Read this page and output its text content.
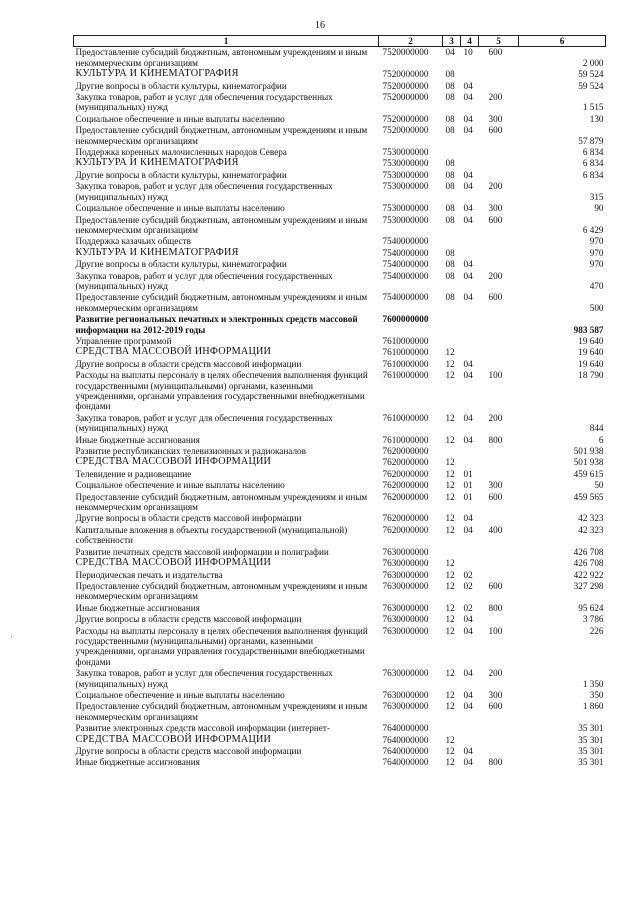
16
1	2	3	4	5	6
Предоставление субсидий бюджетным, автономным учреждениям и иным некоммерческим организациям	7520000000	04	10	600	2 000
КУЛЬТУРА И КИНЕМАТОГРАФИЯ	7520000000	08			59 524
Другие вопросы в области культуры, кинематографии	7520000000	08	04		59 524
Закупка товаров, работ и услуг для обеспечения государственных (муниципальных) нужд	7520000000	08	04	200	1 515
Социальное обеспечение и иные выплаты населению	7520000000	08	04	300	130
Предоставление субсидий бюджетным, автономным учреждениям и иным некоммерческим организациям	7520000000	08	04	600	57 879
Поддержка коренных малочисленных народов Севера	7530000000				6 834
КУЛЬТУРА И КИНЕМАТОГРАФИЯ	7530000000	08			6 834
Другие вопросы в области культуры, кинематографии	7530000000	08	04		6 834
Закупка товаров, работ и услуг для обеспечения государственных (муниципальных) нужд	7530000000	08	04	200	315
Социальное обеспечение и иные выплаты населению	7530000000	08	04	300	90
Предоставление субсидий бюджетным, автономным учреждениям и иным некоммерческим организациям	7530000000	08	04	600	6 429
Поддержка казачьих обществ	7540000000				970
КУЛЬТУРА И КИНЕМАТОГРАФИЯ	7540000000	08			970
Другие вопросы в области культуры, кинематографии	7540000000	08	04		970
Закупка товаров, работ и услуг для обеспечения государственных (муниципальных) нужд	7540000000	08	04	200	470
Предоставление субсидий бюджетным, автономным учреждениям и иным некоммерческим организациям	7540000000	08	04	600	500
Развитие региональных печатных и электронных средств массовой информации на 2012-2019 годы	7600000000				983 587
Управление программой	7610000000				19 640
СРЕДСТВА МАССОВОЙ ИНФОРМАЦИИ	7610000000	12			19 640
Другие вопросы в области средств массовой информации	7610000000	12	04		19 640
Расходы на выплаты персоналу в целях обеспечения выполнения функций государственными (муниципальными) органами, казенными учреждениями, органами управления государственными внебюджетными фондами	7610000000	12	04	100	18 790
Закупка товаров, работ и услуг для обеспечения государственных (муниципальных) нужд	7610000000	12	04	200	844
Иные бюджетные ассигнования	7610000000	12	04	800	6
Развитие республиканских телевизионных и радиоканалов	7620000000				501 938
СРЕДСТВА МАССОВОЙ ИНФОРМАЦИИ	7620000000	12			501 938
Телевидение и радиовещание	7620000000	12	01		459 615
Социальное обеспечение и иные выплаты населению	7620000000	12	01	300	50
Предоставление субсидий бюджетным, автономным учреждениям и иным некоммерческим организациям	7620000000	12	01	600	459 565
Другие вопросы в области средств массовой информации	7620000000	12	04		42 323
Капитальные вложения в объекты государственной (муниципальной) собственности	7620000000	12	04	400	42 323
Развитие печатных средств массовой информации и полиграфии	7630000000				426 708
СРЕДСТВА МАССОВОЙ ИНФОРМАЦИИ	7630000000	12			426 708
Периодическая печать и издательства	7630000000	12	02		422 922
Предоставление субсидий бюджетным, автономным учреждениям и иным некоммерческим организациям	7630000000	12	02	600	327 298
Иные бюджетные ассигнования	7630000000	12	02	800	95 624
Другие вопросы в области средств массовой информации	7630000000	12	04		3 786
Расходы на выплаты персоналу в целях обеспечения выполнения функций государственными (муниципальными) органами, казенными учреждениями, органами управления государственными внебюджетными фондами	7630000000	12	04	100	226
Закупка товаров, работ и услуг для обеспечения государственных (муниципальных) нужд	7630000000	12	04	200	1 350
Социальное обеспечение и иные выплаты населению	7630000000	12	04	300	350
Предоставление субсидий бюджетным, автономным учреждениям и иным некоммерческим организациям	7630000000	12	04	600	1 860
Развитие электронных средств массовой информации (интернет-	7640000000				35 301
СРЕДСТВА МАССОВОЙ ИНФОРМАЦИИ	7640000000	12			35 301
Другие вопросы в области средств массовой информации	7640000000	12	04		35 301
Иные бюджетные ассигнования	7640000000	12	04	800	35 301
·
